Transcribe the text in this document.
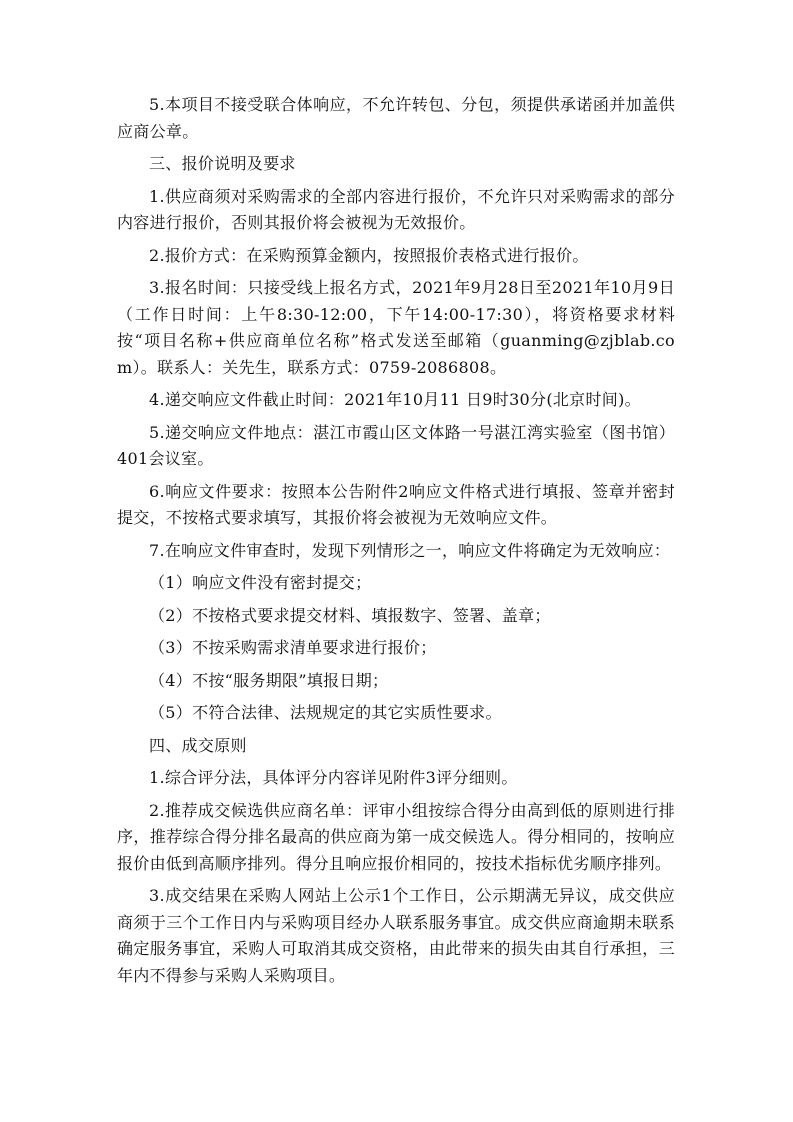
5.本项目不接受联合体响应，不允许转包、分包，须提供承诺函并加盖供应商公章。

三、报价说明及要求

1.供应商须对采购需求的全部内容进行报价，不允许只对采购需求的部分内容进行报价，否则其报价将会被视为无效报价。

2.报价方式：在采购预算金额内，按照报价表格式进行报价。

3.报名时间：只接受线上报名方式，2021年9月28日至2021年10月9日（工作日时间：上午8:30-12:00，下午14:00-17:30），将资格要求材料按“项目名称+供应商单位名称”格式发送至邮箱（guanming@zjblab.com）。联系人：关先生，联系方式：0759-2086808。

4.递交响应文件截止时间：2021年10月11 日9时30分(北京时间)。

5.递交响应文件地点：湛江市霞山区文体路一号湛江湾实验室（图书馆）401会议室。

6.响应文件要求：按照本公告附件2响应文件格式进行填报、签章并密封提交，不按格式要求填写，其报价将会被视为无效响应文件。

7.在响应文件审查时，发现下列情形之一，响应文件将确定为无效响应：

（1）响应文件没有密封提交；

（2）不按格式要求提交材料、填报数字、签署、盖章；

（3）不按采购需求清单要求进行报价；

（4）不按“服务期限”填报日期；

（5）不符合法律、法规规定的其它实质性要求。

四、成交原则

1.综合评分法，具体评分内容详见附件3评分细则。

2.推荐成交候选供应商名单：评审小组按综合得分由高到低的原则进行排序，推荐综合得分排名最高的供应商为第一成交候选人。得分相同的，按响应报价由低到高顺序排列。得分且响应报价相同的，按技术指标优劣顺序排列。

3.成交结果在采购人网站上公示1个工作日，公示期满无异议，成交供应商须于三个工作日内与采购项目经办人联系服务事宜。成交供应商逾期未联系确定服务事宜，采购人可取消其成交资格，由此带来的损失由其自行承担，三年内不得参与采购人采购项目。
